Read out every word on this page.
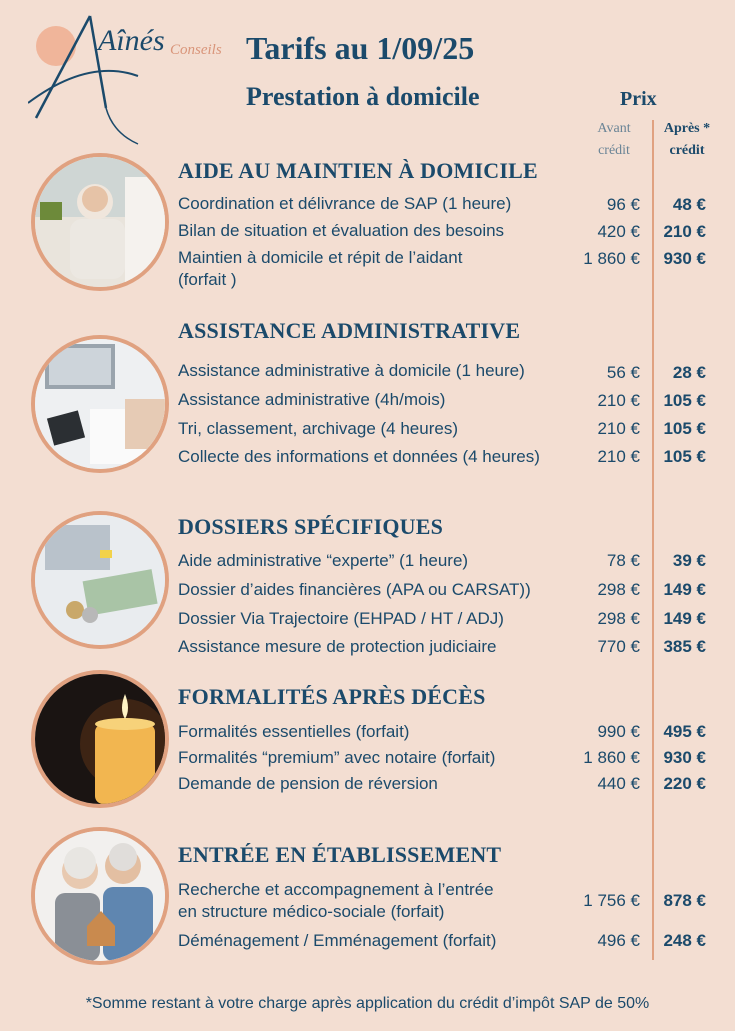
Aînés Conseils Tarifs au 1/09/25
Prestation à domicile	Prix
Avant
crédit
Après *
crédit
AIDE AU MAINTIEN À DOMICILE
Coordination et délivrance de SAP (1 heure)	96 €	48 €
Bilan de situation et évaluation des besoins	420 €	210 €
Maintien à domicile et répit de l’aidant
(forfait )
1 860 €	930 €
ASSISTANCE ADMINISTRATIVE
Assistance administrative à domicile (1 heure)	56 €	28 €
Assistance administrative (4h/mois)	210 €	105 €
Tri, classement, archivage (4 heures)	210 €	105 €
Collecte des informations et données (4 heures)	210 €	105 €
DOSSIERS SPÉCIFIQUES
Aide administrative “experte” (1 heure)	78 €	39 €
Dossier d’aides financières (APA ou CARSAT))	298 €	149 €
Dossier Via Trajectoire (EHPAD / HT / ADJ)	298 €	149 €
Assistance mesure de protection judiciaire	770 €	385 €
FORMALITÉS APRÈS DÉCÈS
Formalités essentielles (forfait)	990 €	495 €
Formalités “premium” avec notaire (forfait)	1 860 €	930 €
Demande de pension de réversion	440 €	220 €
ENTRÉE EN ÉTABLISSEMENT
Recherche et accompagnement à l’entrée
en structure médico-sociale (forfait)
1 756 €	878 €
Déménagement / Emménagement (forfait)	496 €	248 €
*Somme restant à votre charge après application du crédit d’impôt SAP de 50%
